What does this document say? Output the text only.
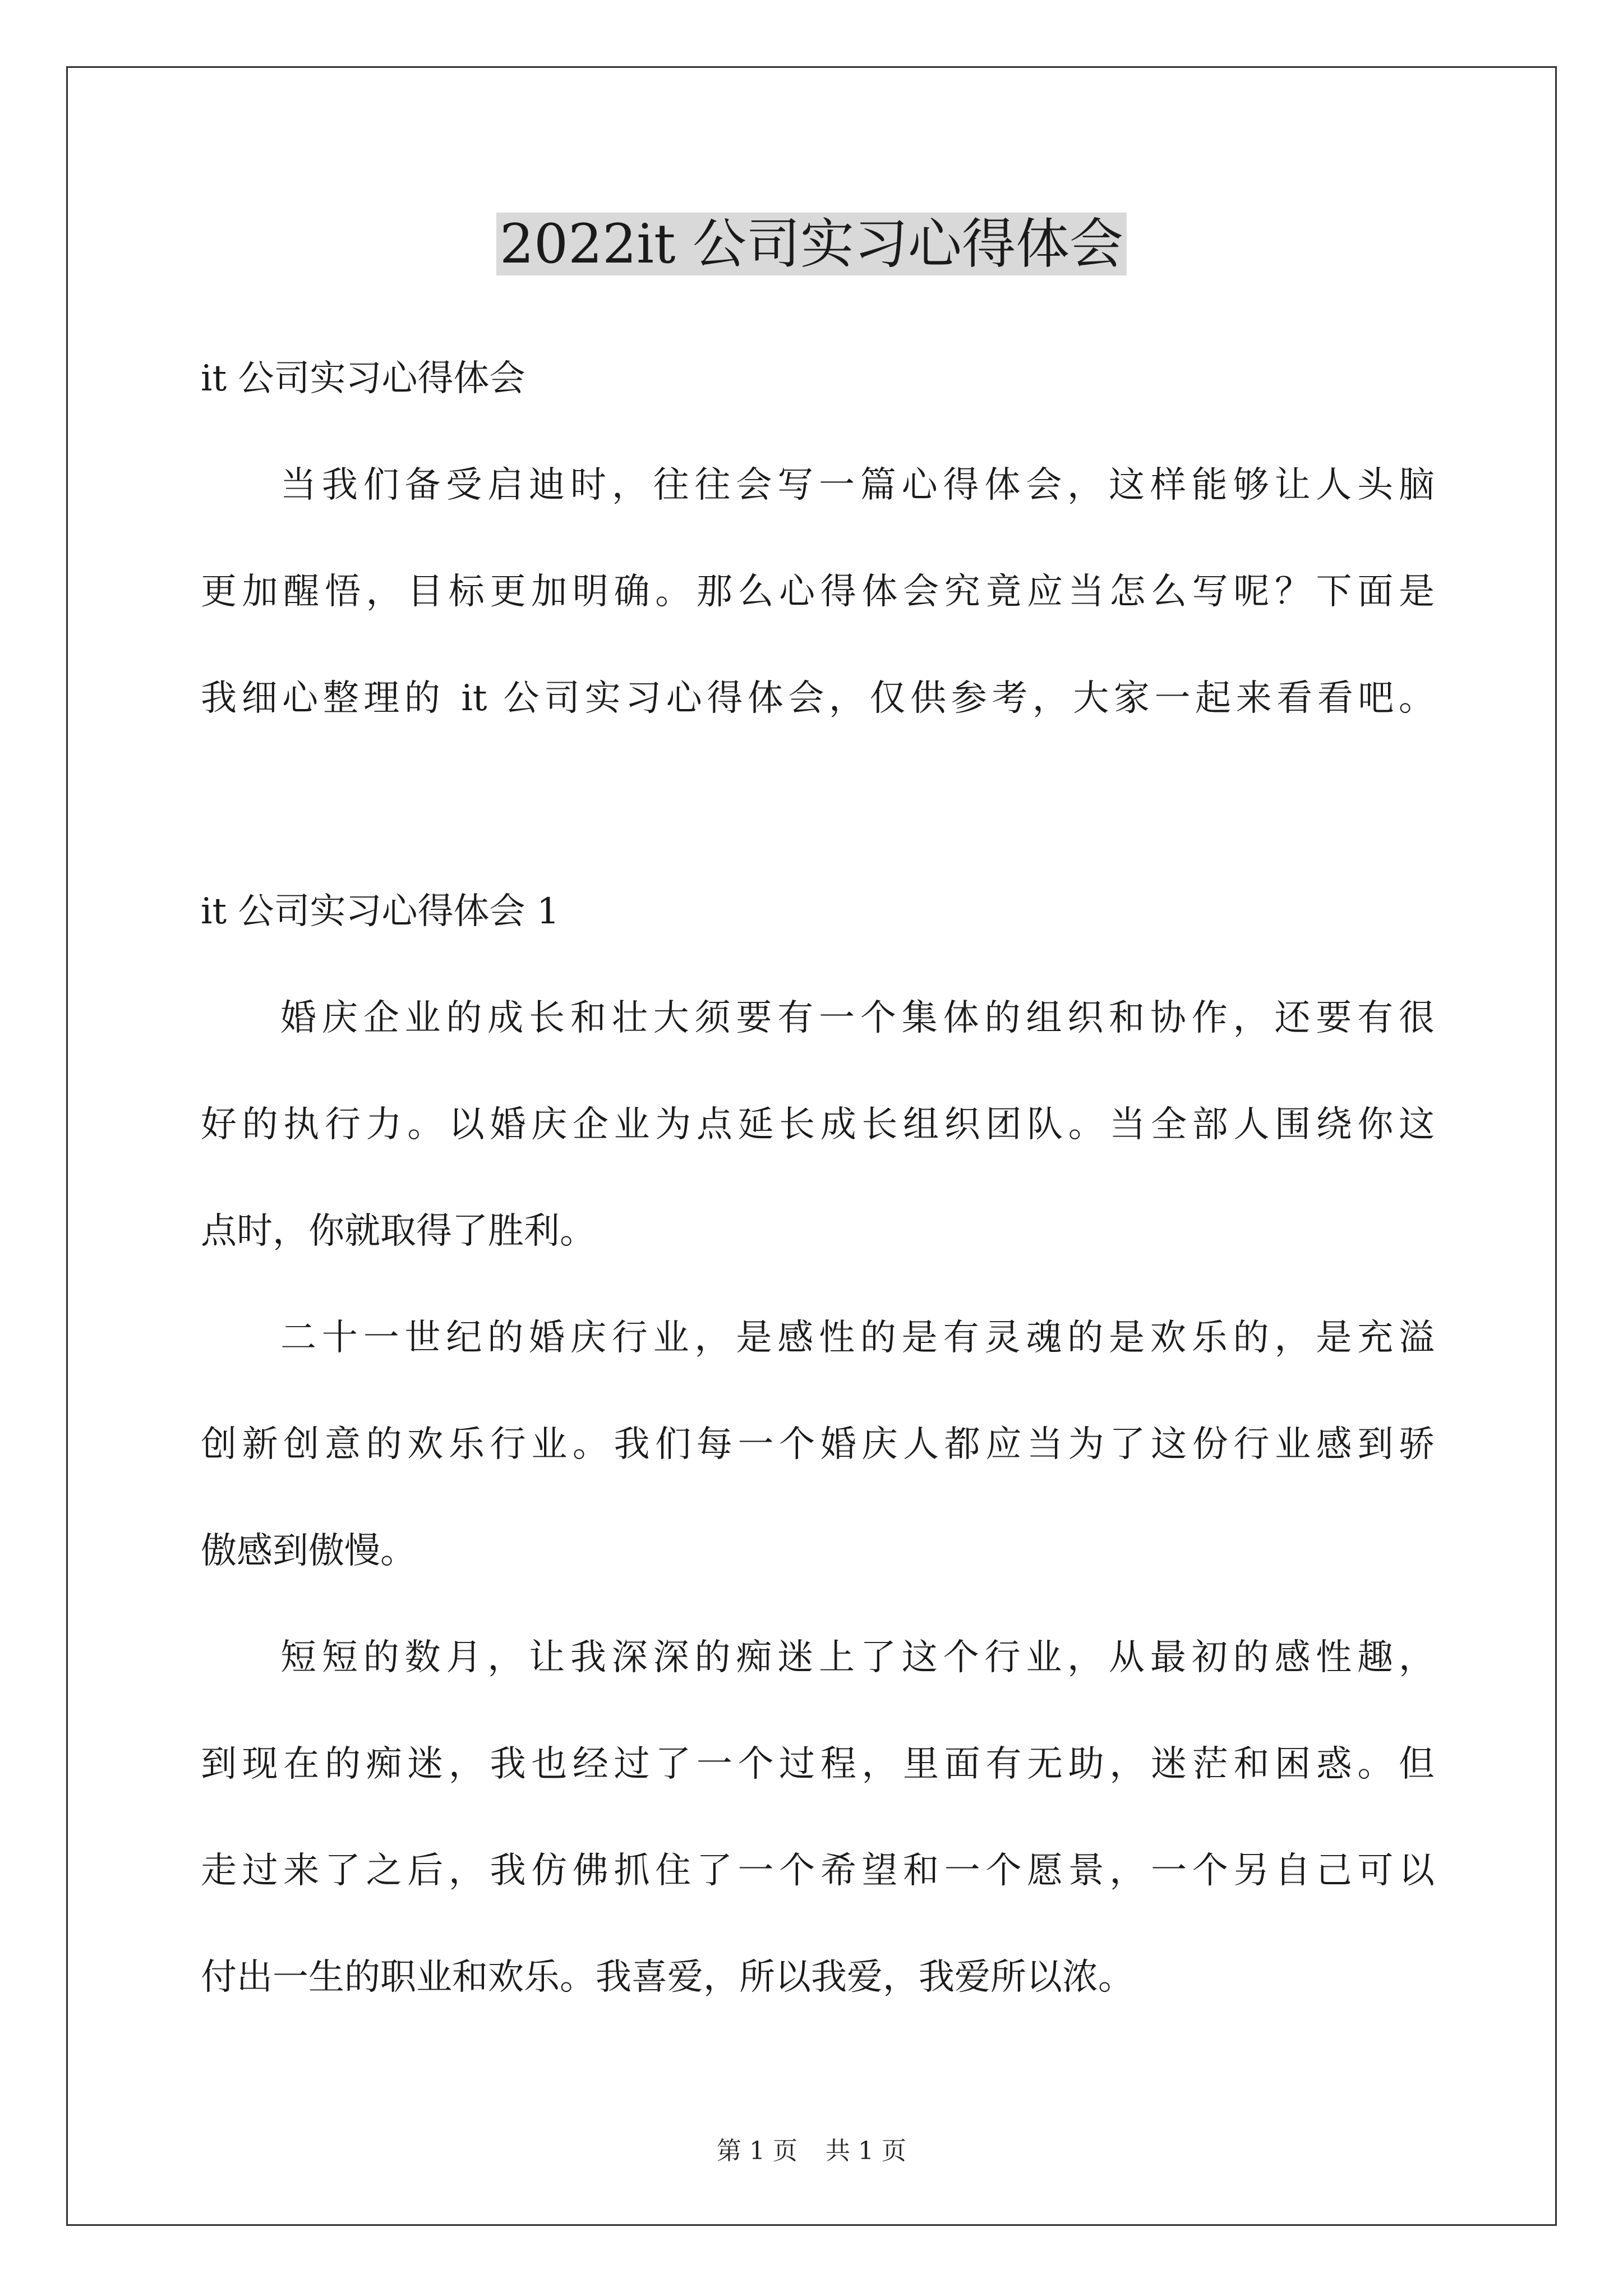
2022it 公司实习心得体会

it 公司实习心得体会

当我们备受启迪时，往往会写一篇心得体会，这样能够让人头脑

更加醒悟，目标更加明确。那么心得体会究竟应当怎么写呢？下面是

我细心整理的 it 公司实习心得体会，仅供参考，大家一起来看看吧。

it 公司实习心得体会 1

婚庆企业的成长和壮大须要有一个集体的组织和协作，还要有很

好的执行力。以婚庆企业为点延长成长组织团队。当全部人围绕你这

点时，你就取得了胜利。

二十一世纪的婚庆行业，是感性的是有灵魂的是欢乐的，是充溢

创新创意的欢乐行业。我们每一个婚庆人都应当为了这份行业感到骄

傲感到傲慢。

短短的数月，让我深深的痴迷上了这个行业，从最初的感性趣，

到现在的痴迷，我也经过了一个过程，里面有无助，迷茫和困惑。但

走过来了之后，我仿佛抓住了一个希望和一个愿景，一个另自己可以

付出一生的职业和欢乐。我喜爱，所以我爱，我爱所以浓。

第 1 页 共 1 页
